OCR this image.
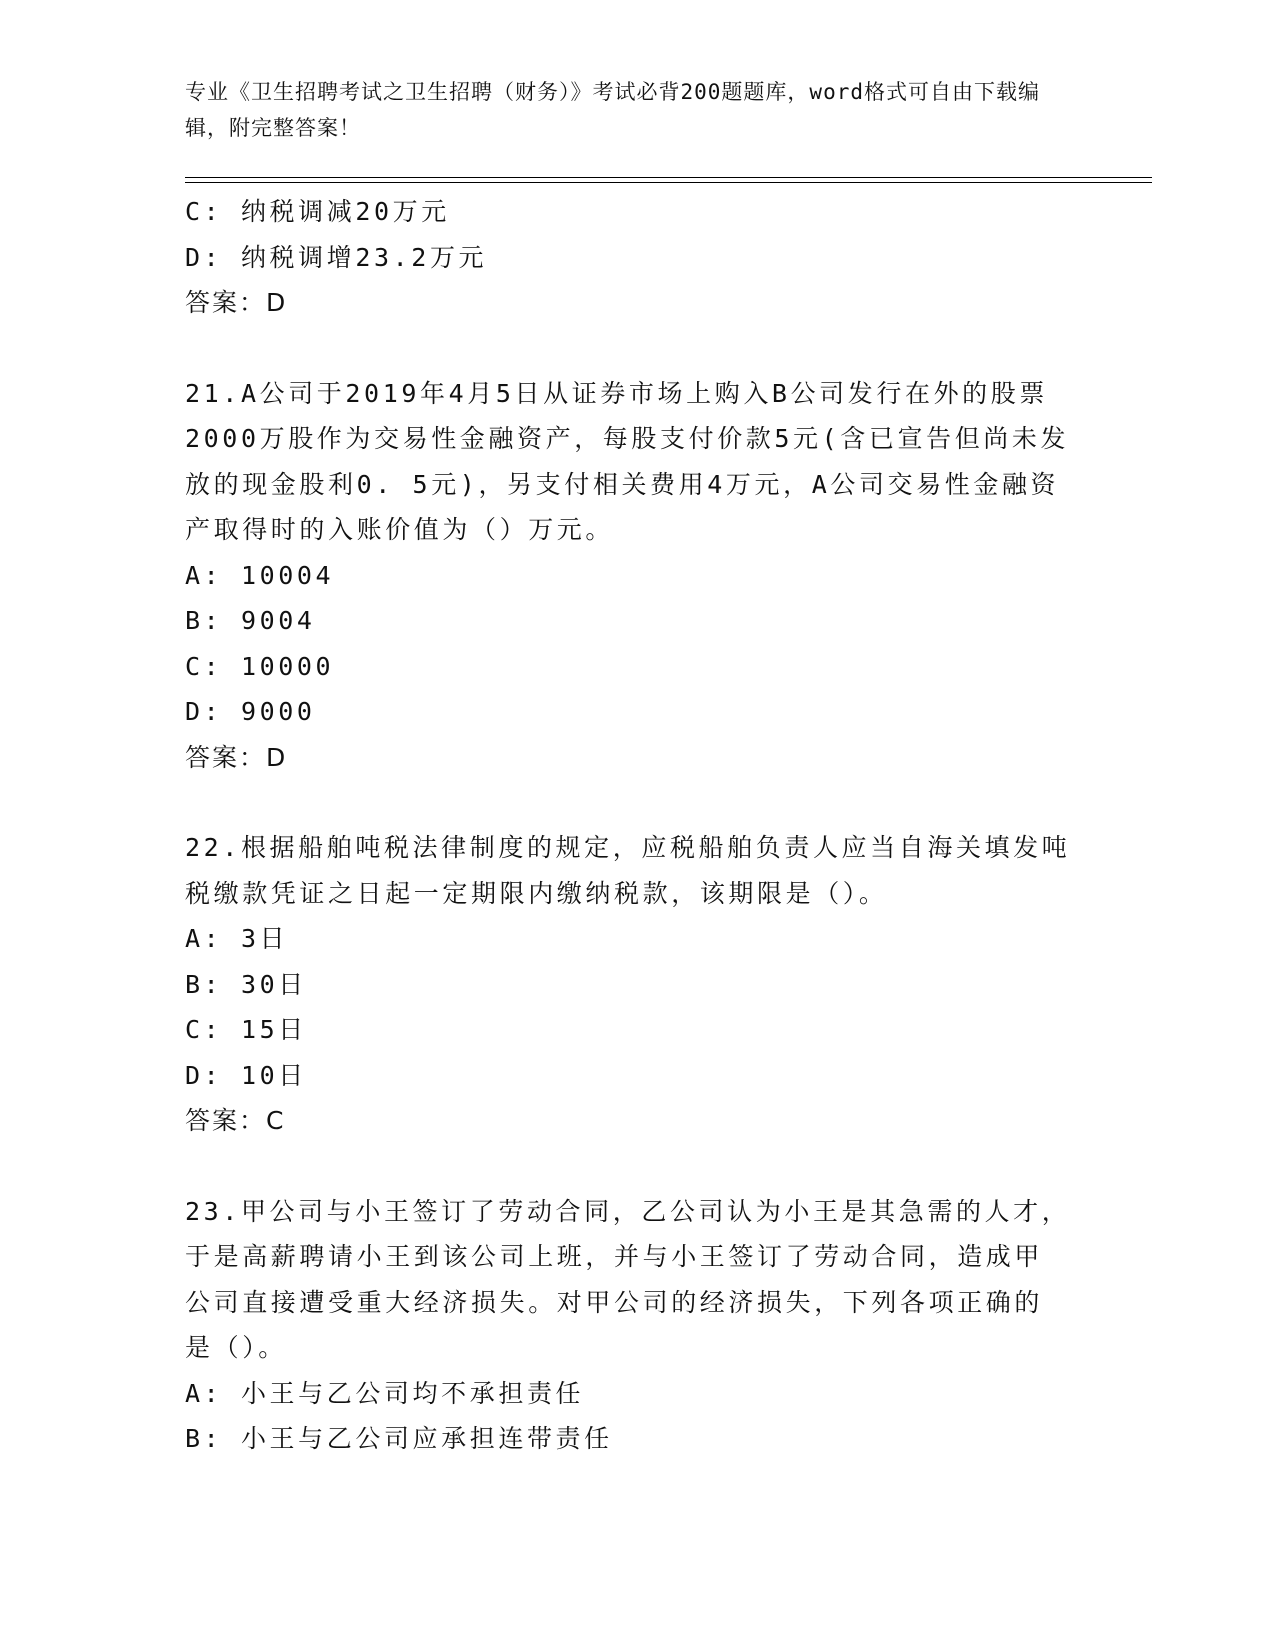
专业《卫生招聘考试之卫生招聘（财务）》考试必背200题题库，word格式可自由下载编辑，附完整答案！

C: 纳税调减20万元

D: 纳税调增23.2万元

答案：D

21.A公司于2019年4月5日从证券市场上购入B公司发行在外的股票

2000万股作为交易性金融资产，每股支付价款5元(含已宣告但尚未发

放的现金股利0. 5元)，另支付相关费用4万元，A公司交易性金融资

产取得时的入账价值为（）万元。

A: 10004

B: 9004

C: 10000

D: 9000

答案：D

22.根据船舶吨税法律制度的规定，应税船舶负责人应当自海关填发吨

税缴款凭证之日起一定期限内缴纳税款，该期限是（）。

A: 3日

B: 30日

C: 15日

D: 10日

答案：C

23.甲公司与小王签订了劳动合同，乙公司认为小王是其急需的人才，

于是高薪聘请小王到该公司上班，并与小王签订了劳动合同，造成甲

公司直接遭受重大经济损失。对甲公司的经济损失，下列各项正确的

是（）。

A: 小王与乙公司均不承担责任

B: 小王与乙公司应承担连带责任
